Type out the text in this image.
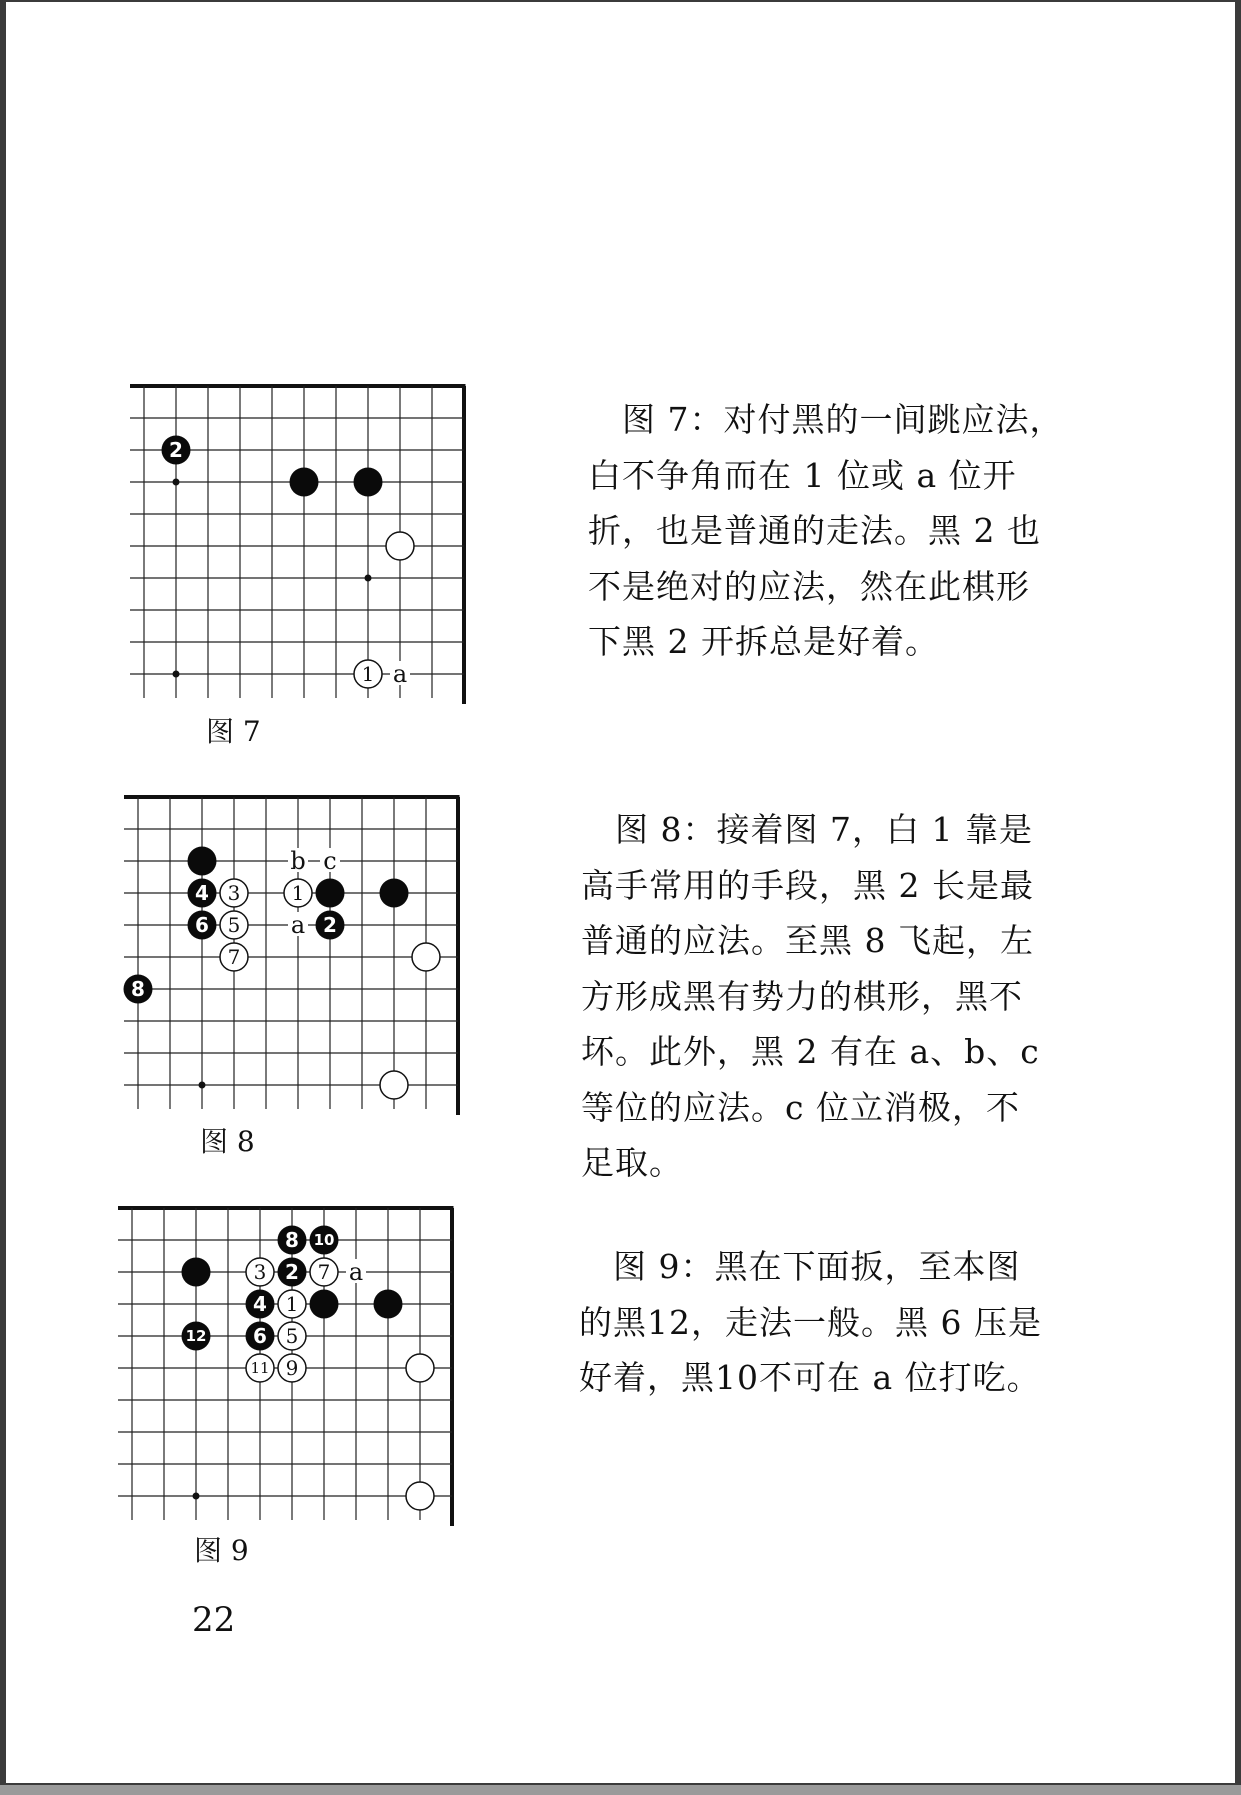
a
2
1
图 7

图 7：对付黑的一间跳应法，

白不争角而在 1 位或 a 位开

折，也是普通的走法。黑 2 也

不是绝对的应法，然在此棋形

下黑 2 开拆总是好着。

b c
a
4 3	1
6 5	2
7
8
图 8

图 8：接着图 7，白 1 靠是

高手常用的手段，黑 2 长是最

普通的应法。至黑 8 飞起，左

方形成黑有势力的棋形，黑不

坏。此外，黑 2 有在 a、b、c

等位的应法。c 位立消极，不

足取。

a
8 10
3 2 7
4 1
12 6 5
11 9
图 9

图 9：黑在下面扳，至本图

的黑12，走法一般。黑 6 压是

好着，黑10不可在 a 位打吃。

22
